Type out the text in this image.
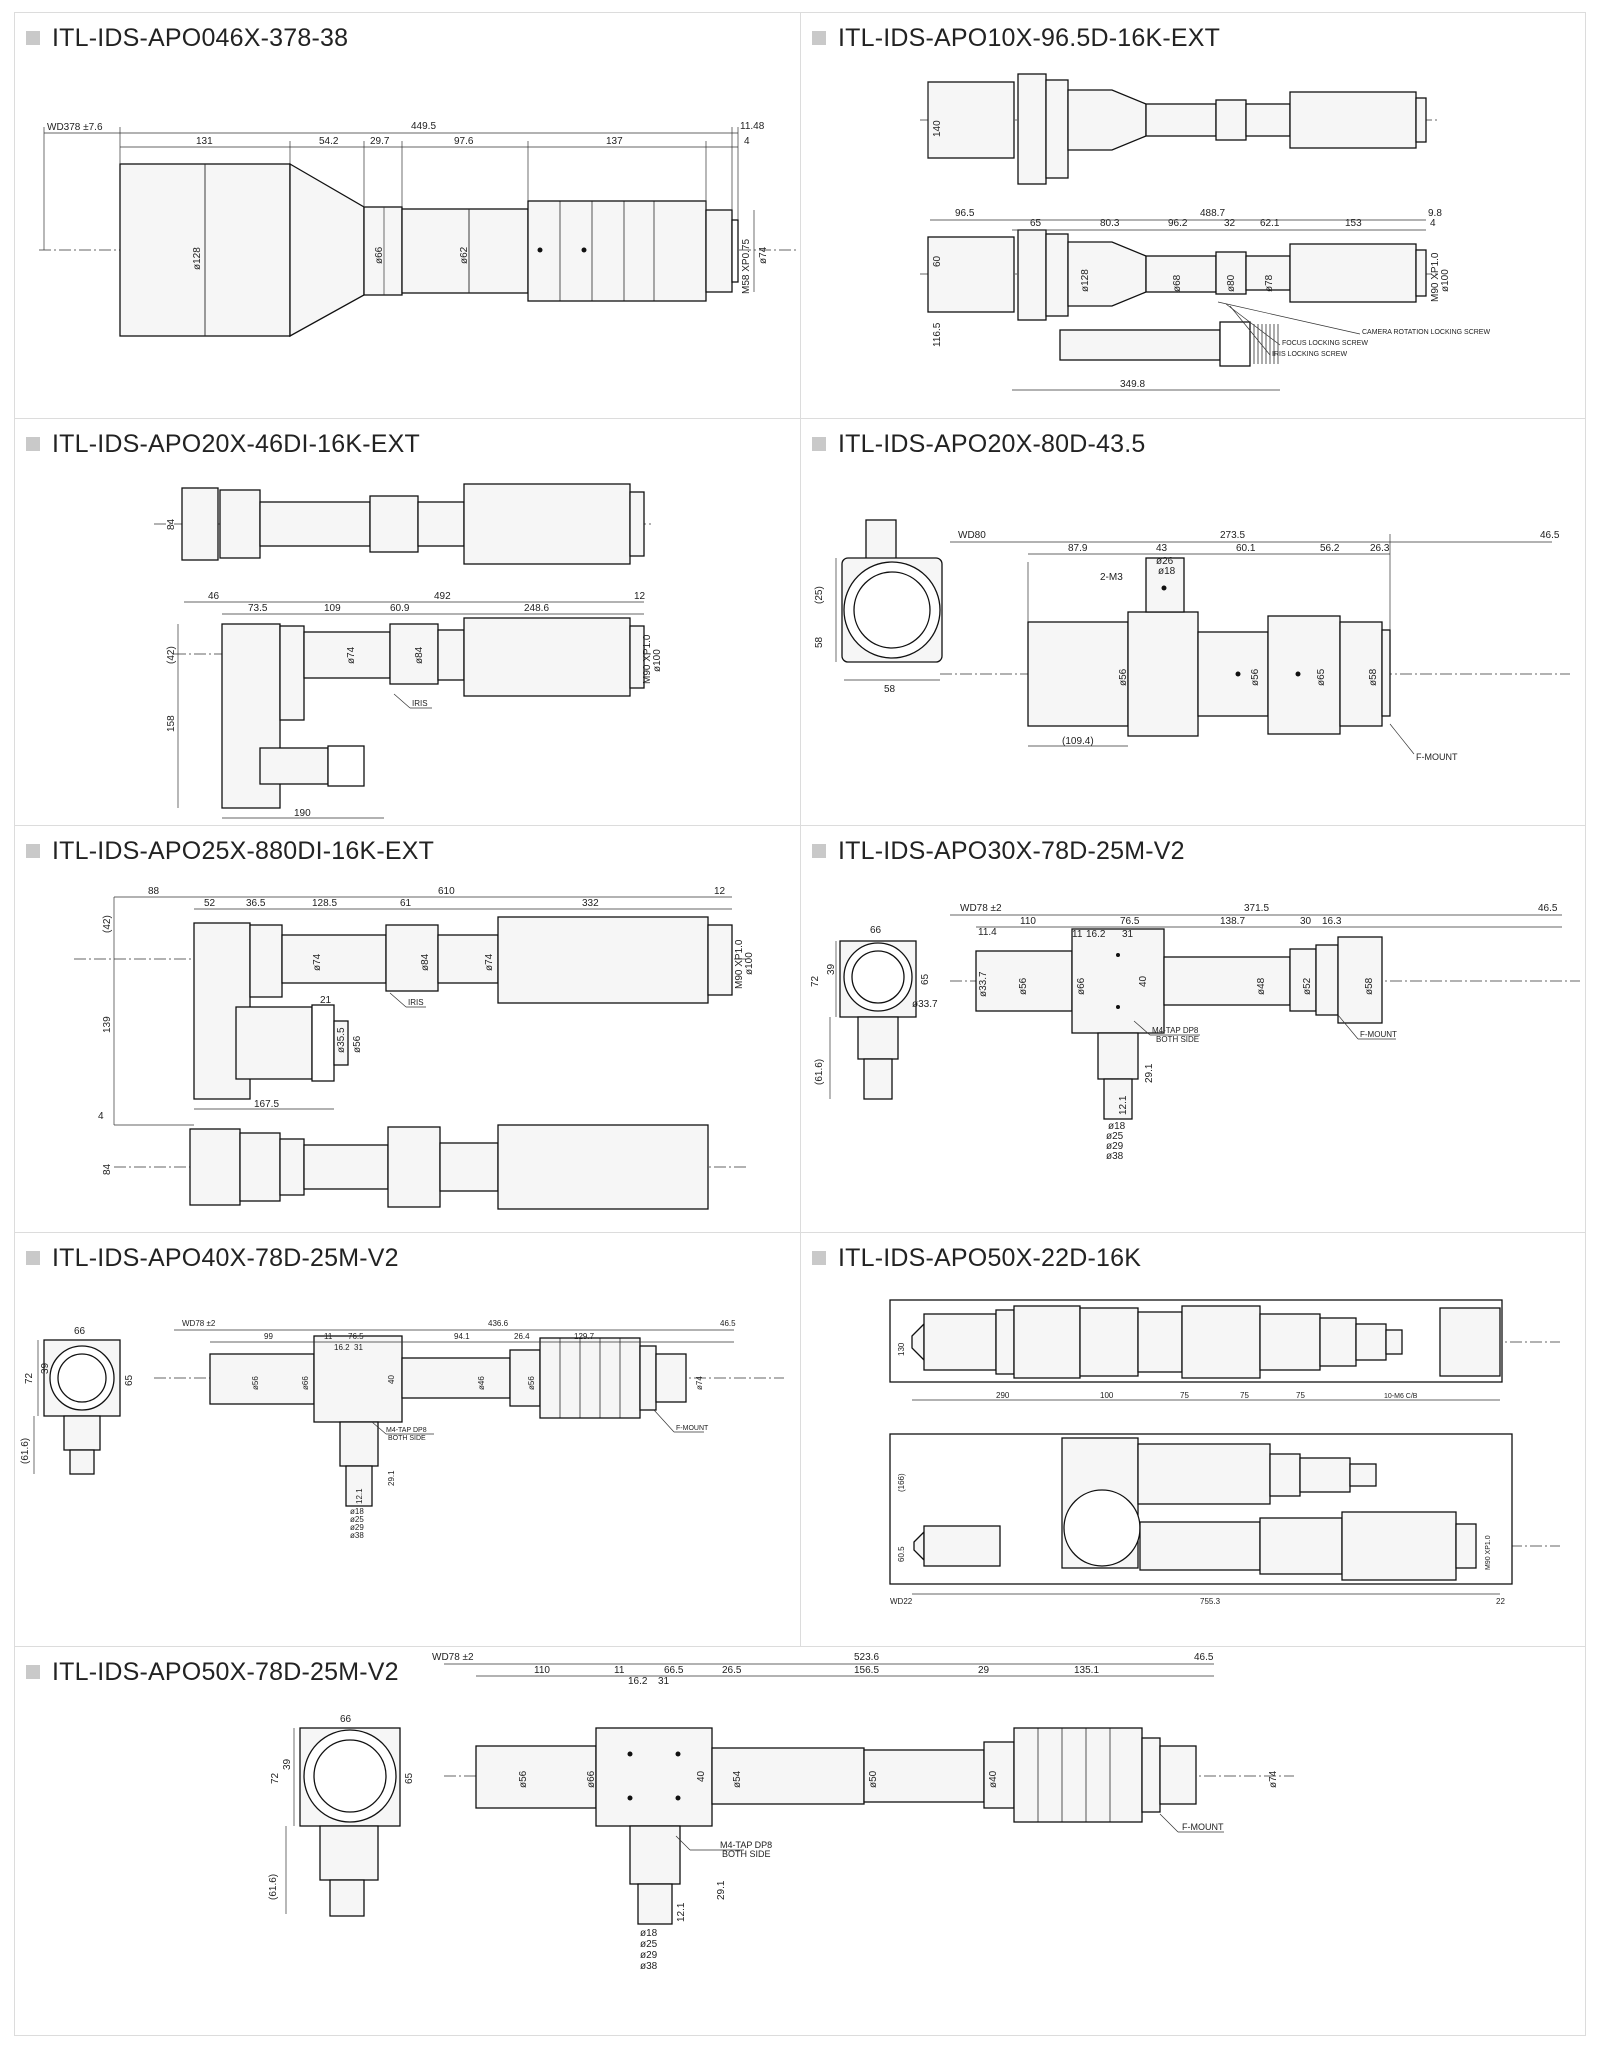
ITL-IDS-APO046X-378-38
WD378 ±7.6	449.5
131	54.2	29.7	97.6	137
11.48
4
ø128	ø66	ø62	M58 XP0.75 ø74
ITL-IDS-APO10X-96.5D-16K-EXT
140
96.5	488.7
65	80.3	96.2	32 62.1	153
9.8
4
60
116.5
ø128	ø68	ø80	ø78	M90 XP1.0 ø100
CAMERA ROTATION LOCKING SCREW
FOCUS LOCKING SCREW
IRIS LOCKING SCREW
349.8
ITL-IDS-APO20X-46DI-16K-EXT
84
46	492
73.5	109	60.9	248.6
12
(42)	ø74	ø84	M90 XP1.0 ø100
158
IRIS
190
ITL-IDS-APO20X-80D-43.5
(25)
58
58
WD80	273.5	46.5
87.9	43	60.1	56.2	26.3
ø26
ø18
2-M3
ø56	ø56	ø65	ø58
(109.4)
F-MOUNT
ITL-IDS-APO25X-880DI-16K-EXT
610
88
52	36.5	128.5	61	332
12
(42)
ø74	ø84	ø74	M90 XP1.0 ø100
139
21
ø35.5 ø56
IRIS
4
167.5
84
ITL-IDS-APO30X-78D-25M-V2
66
39
72	65
ø33.7
(61.6)
WD78 ±2	371.5	46.5
11.4
110
11 16.2
76.5
31
138.7	30 16.3
ø33.7	ø56	ø66	40	ø48	ø52	ø58
M4-TAP DP8
BOTH SIDE
F-MOUNT
29.1
12.1
ø18
ø25
ø29
ø38
ITL-IDS-APO40X-78D-25M-V2
66
39
72	65
(61.6)
WD78 ±2	436.6	46.5
99	11 76.5
16.2 31
94.1	26.4	129.7
ø56	ø66	40	ø46	ø56	ø74
M4-TAP DP8
BOTH SIDE
F-MOUNT
29.1
12.1
ø18
ø25
ø29
ø38
ITL-IDS-APO50X-22D-16K
130
290	100	75	75	75	10-M6 C/B
(166)
60.5
WD22	755.3	22
M90 XP1.0
ITL-IDS-APO50X-78D-25M-V2
66
39
72	65
(61.6)
WD78 ±2	523.6	46.5
110	11	66.5
16.2 31
26.5	156.5	29	135.1
ø56	ø66	40	ø54	ø50	ø40	ø74
M4-TAP DP8
BOTH SIDE
F-MOUNT
29.1
12.1
ø18
ø25
ø29
ø38
